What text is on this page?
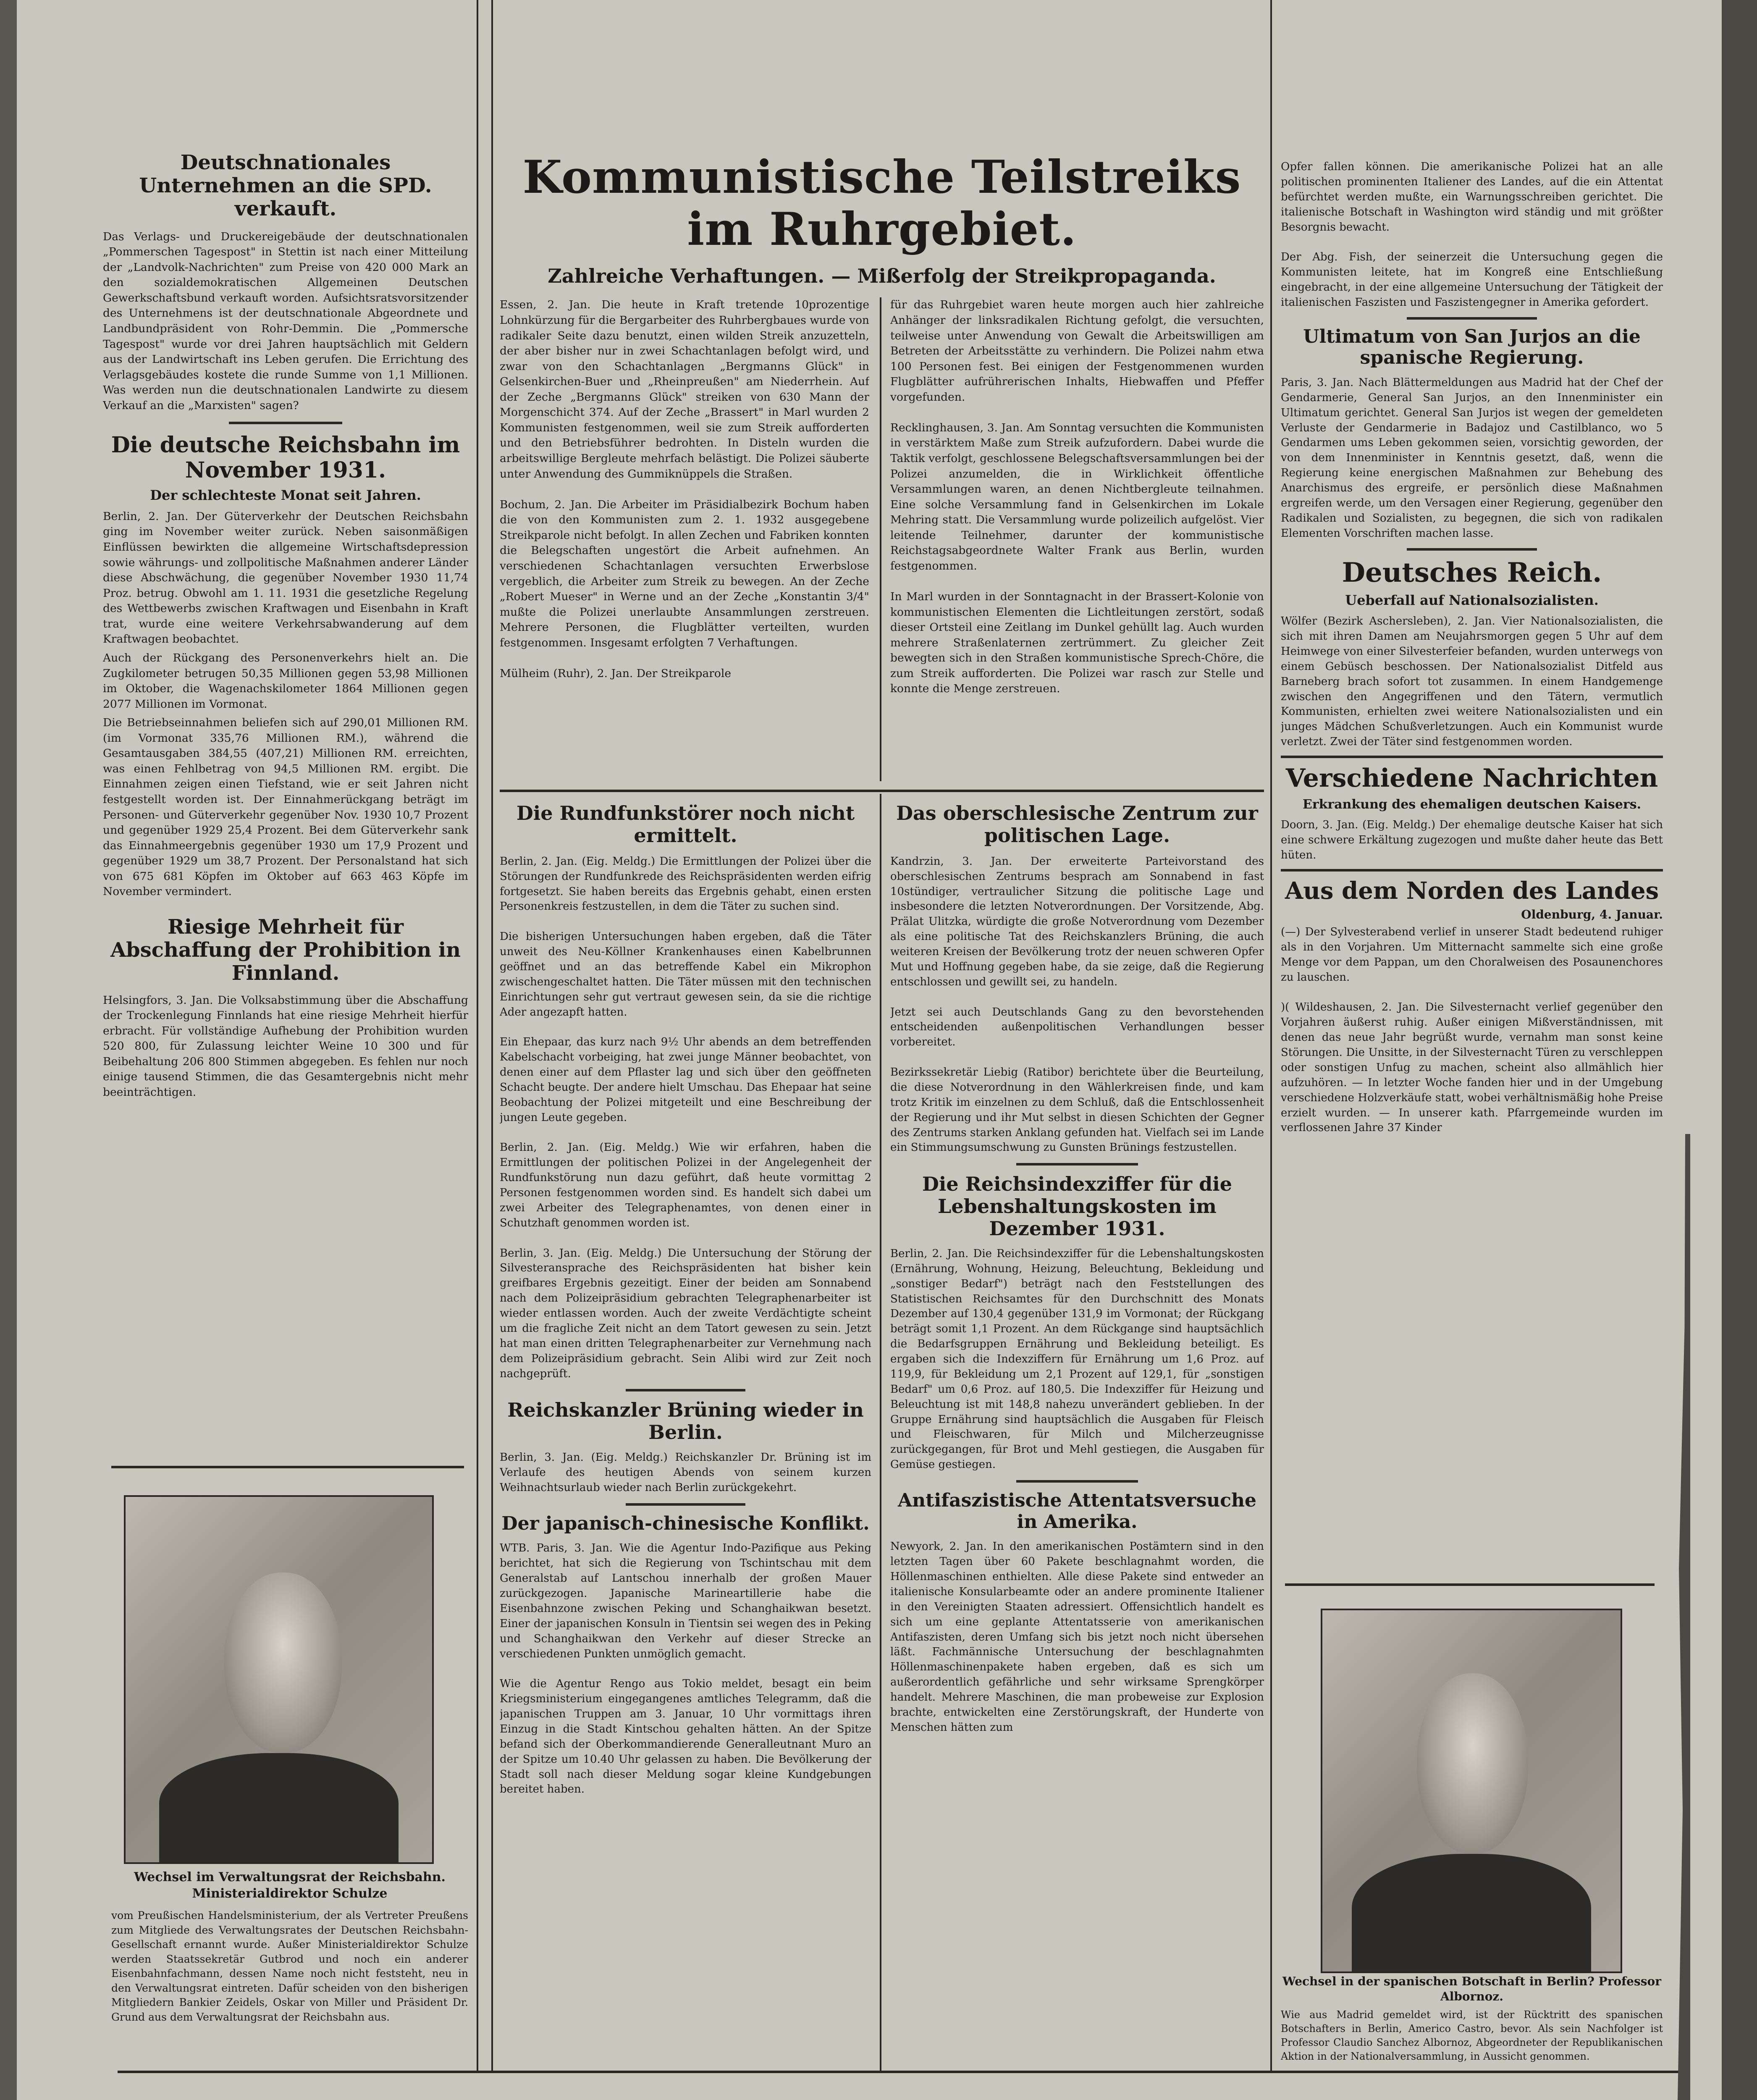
Deutschnationales Unternehmen an die SPD. verkauft.

Das Verlags- und Druckereigebäude der deutschnationalen „Pommerschen Tagespost" in Stettin ist nach einer Mitteilung der „Landvolk-Nachrichten" zum Preise von 420 000 Mark an den sozialdemokratischen Allgemeinen Deutschen Gewerkschaftsbund verkauft worden. Aufsichtsratsvorsitzender des Unternehmens ist der deutschnationale Abgeordnete und Landbundpräsident von Rohr-Demmin. Die „Pommersche Tagespost" wurde vor drei Jahren hauptsächlich mit Geldern aus der Landwirtschaft ins Leben gerufen. Die Errichtung des Verlagsgebäudes kostete die runde Summe von 1,1 Millionen. Was werden nun die deutschnationalen Landwirte zu diesem Verkauf an die „Marxisten" sagen?

Die deutsche Reichsbahn im November 1931.
Der schlechteste Monat seit Jahren.

Berlin, 2. Jan. Der Güterverkehr der Deutschen Reichsbahn ging im November weiter zurück. Neben saisonmäßigen Einflüssen bewirkten die allgemeine Wirtschaftsdepression sowie währungs- und zollpolitische Maßnahmen anderer Länder diese Abschwächung, die gegenüber November 1930 11,74 Proz. betrug. Obwohl am 1. 11. 1931 die gesetzliche Regelung des Wettbewerbs zwischen Kraftwagen und Eisenbahn in Kraft trat, wurde eine weitere Verkehrsabwanderung auf dem Kraftwagen beobachtet.

Auch der Rückgang des Personenverkehrs hielt an. Die Zugkilometer betrugen 50,35 Millionen gegen 53,98 Millionen im Oktober, die Wagenachskilometer 1864 Millionen gegen 2077 Millionen im Vormonat.

Die Betriebseinnahmen beliefen sich auf 290,01 Millionen RM. (im Vormonat 335,76 Millionen RM.), während die Gesamtausgaben 384,55 (407,21) Millionen RM. erreichten, was einen Fehlbetrag von 94,5 Millionen RM. ergibt. Die Einnahmen zeigen einen Tiefstand, wie er seit Jahren nicht festgestellt worden ist. Der Einnahmerückgang beträgt im Personen- und Güterverkehr gegenüber Nov. 1930 10,7 Prozent und gegenüber 1929 25,4 Prozent. Bei dem Güterverkehr sank das Einnahmeergebnis gegenüber 1930 um 17,9 Prozent und gegenüber 1929 um 38,7 Prozent. Der Personalstand hat sich von 675 681 Köpfen im Oktober auf 663 463 Köpfe im November vermindert.

Riesige Mehrheit für Abschaffung der Prohibition in Finnland.

Helsingfors, 3. Jan. Die Volksabstimmung über die Abschaffung der Trockenlegung Finnlands hat eine riesige Mehrheit hierfür erbracht. Für vollständige Aufhebung der Prohibition wurden 520 800, für Zulassung leichter Weine 10 300 und für Beibehaltung 206 800 Stimmen abgegeben. Es fehlen nur noch einige tausend Stimmen, die das Gesamtergebnis nicht mehr beeinträchtigen.

Wechsel im Verwaltungsrat der Reichsbahn. Ministerialdirektor Schulze

vom Preußischen Handelsministerium, der als Vertreter Preußens zum Mitgliede des Verwaltungsrates der Deutschen Reichsbahn-Gesellschaft ernannt wurde. Außer Ministerialdirektor Schulze werden Staatssekretär Gutbrod und noch ein anderer Eisenbahnfachmann, dessen Name noch nicht feststeht, neu in den Verwaltungsrat eintreten. Dafür scheiden von den bisherigen Mitgliedern Bankier Zeidels, Oskar von Miller und Präsident Dr. Grund aus dem Verwaltungsrat der Reichsbahn aus.

Kommunistische Teilstreiks im Ruhrgebiet.
Zahlreiche Verhaftungen. — Mißerfolg der Streikpropaganda.

Essen, 2. Jan. Die heute in Kraft tretende 10prozentige Lohnkürzung für die Bergarbeiter des Ruhrbergbaues wurde von radikaler Seite dazu benutzt, einen wilden Streik anzuzetteln, der aber bisher nur in zwei Schachtanlagen befolgt wird, und zwar von den Schachtanlagen „Bergmanns Glück" in Gelsenkirchen-Buer und „Rheinpreußen" am Niederrhein. Auf der Zeche „Bergmanns Glück" streiken von 630 Mann der Morgenschicht 374. Auf der Zeche „Brassert" in Marl wurden 2 Kommunisten festgenommen, weil sie zum Streik aufforderten und den Betriebsführer bedrohten. In Disteln wurden die arbeitswillige Bergleute mehrfach belästigt. Die Polizei säuberte unter Anwendung des Gummiknüppels die Straßen.

Bochum, 2. Jan. Die Arbeiter im Präsidialbezirk Bochum haben die von den Kommunisten zum 2. 1. 1932 ausgegebene Streikparole nicht befolgt. In allen Zechen und Fabriken konnten die Belegschaften ungestört die Arbeit aufnehmen. An verschiedenen Schachtanlagen versuchten Erwerbslose vergeblich, die Arbeiter zum Streik zu bewegen. An der Zeche „Robert Mueser" in Werne und an der Zeche „Konstantin 3/4" mußte die Polizei unerlaubte Ansammlungen zerstreuen. Mehrere Personen, die Flugblätter verteilten, wurden festgenommen. Insgesamt erfolgten 7 Verhaftungen.

Mülheim (Ruhr), 2. Jan. Der Streikparole

für das Ruhrgebiet waren heute morgen auch hier zahlreiche Anhänger der linksradikalen Richtung gefolgt, die versuchten, teilweise unter Anwendung von Gewalt die Arbeitswilligen am Betreten der Arbeitsstätte zu verhindern. Die Polizei nahm etwa 100 Personen fest. Bei einigen der Festgenommenen wurden Flugblätter aufrührerischen Inhalts, Hiebwaffen und Pfeffer vorgefunden.

Recklinghausen, 3. Jan. Am Sonntag versuchten die Kommunisten in verstärktem Maße zum Streik aufzufordern. Dabei wurde die Taktik verfolgt, geschlossene Belegschaftsversammlungen bei der Polizei anzumelden, die in Wirklichkeit öffentliche Versammlungen waren, an denen Nichtbergleute teilnahmen. Eine solche Versammlung fand in Gelsenkirchen im Lokale Mehring statt. Die Versammlung wurde polizeilich aufgelöst. Vier leitende Teilnehmer, darunter der kommunistische Reichstagsabgeordnete Walter Frank aus Berlin, wurden festgenommen.

In Marl wurden in der Sonntagnacht in der Brassert-Kolonie von kommunistischen Elementen die Lichtleitungen zerstört, sodaß dieser Ortsteil eine Zeitlang im Dunkel gehüllt lag. Auch wurden mehrere Straßenlaternen zertrümmert. Zu gleicher Zeit bewegten sich in den Straßen kommunistische Sprech-Chöre, die zum Streik aufforderten. Die Polizei war rasch zur Stelle und konnte die Menge zerstreuen.

Die Rundfunkstörer noch nicht ermittelt.

Berlin, 2. Jan. (Eig. Meldg.) Die Ermittlungen der Polizei über die Störungen der Rundfunkrede des Reichspräsidenten werden eifrig fortgesetzt. Sie haben bereits das Ergebnis gehabt, einen ersten Personenkreis festzustellen, in dem die Täter zu suchen sind.

Die bisherigen Untersuchungen haben ergeben, daß die Täter unweit des Neu-Köllner Krankenhauses einen Kabelbrunnen geöffnet und an das betreffende Kabel ein Mikrophon zwischengeschaltet hatten. Die Täter müssen mit den technischen Einrichtungen sehr gut vertraut gewesen sein, da sie die richtige Ader angezapft hatten.

Ein Ehepaar, das kurz nach 9½ Uhr abends an dem betreffenden Kabelschacht vorbeiging, hat zwei junge Männer beobachtet, von denen einer auf dem Pflaster lag und sich über den geöffneten Schacht beugte. Der andere hielt Umschau. Das Ehepaar hat seine Beobachtung der Polizei mitgeteilt und eine Beschreibung der jungen Leute gegeben.

Berlin, 2. Jan. (Eig. Meldg.) Wie wir erfahren, haben die Ermittlungen der politischen Polizei in der Angelegenheit der Rundfunkstörung nun dazu geführt, daß heute vormittag 2 Personen festgenommen worden sind. Es handelt sich dabei um zwei Arbeiter des Telegraphenamtes, von denen einer in Schutzhaft genommen worden ist.

Berlin, 3. Jan. (Eig. Meldg.) Die Untersuchung der Störung der Silvesteransprache des Reichspräsidenten hat bisher kein greifbares Ergebnis gezeitigt. Einer der beiden am Sonnabend nach dem Polizeipräsidium gebrachten Telegraphenarbeiter ist wieder entlassen worden. Auch der zweite Verdächtigte scheint um die fragliche Zeit nicht an dem Tatort gewesen zu sein. Jetzt hat man einen dritten Telegraphenarbeiter zur Vernehmung nach dem Polizeipräsidium gebracht. Sein Alibi wird zur Zeit noch nachgeprüft.

Reichskanzler Brüning wieder in Berlin.

Berlin, 3. Jan. (Eig. Meldg.) Reichskanzler Dr. Brüning ist im Verlaufe des heutigen Abends von seinem kurzen Weihnachtsurlaub wieder nach Berlin zurückgekehrt.

Der japanisch-chinesische Konflikt.

WTB. Paris, 3. Jan. Wie die Agentur Indo-Pazifique aus Peking berichtet, hat sich die Regierung von Tschintschau mit dem Generalstab auf Lantschou innerhalb der großen Mauer zurückgezogen. Japanische Marineartillerie habe die Eisenbahnzone zwischen Peking und Schanghaikwan besetzt. Einer der japanischen Konsuln in Tientsin sei wegen des in Peking und Schanghaikwan den Verkehr auf dieser Strecke an verschiedenen Punkten unmöglich gemacht.

Wie die Agentur Rengo aus Tokio meldet, besagt ein beim Kriegsministerium eingegangenes amtliches Telegramm, daß die japanischen Truppen am 3. Januar, 10 Uhr vormittags ihren Einzug in die Stadt Kintschou gehalten hätten. An der Spitze befand sich der Oberkommandierende Generalleutnant Muro an der Spitze um 10.40 Uhr gelassen zu haben. Die Bevölkerung der Stadt soll nach dieser Meldung sogar kleine Kundgebungen bereitet haben.

Das oberschlesische Zentrum zur politischen Lage.

Kandrzin, 3. Jan. Der erweiterte Parteivorstand des oberschlesischen Zentrums besprach am Sonnabend in fast 10stündiger, vertraulicher Sitzung die politische Lage und insbesondere die letzten Notverordnungen. Der Vorsitzende, Abg. Prälat Ulitzka, würdigte die große Notverordnung vom Dezember als eine politische Tat des Reichskanzlers Brüning, die auch weiteren Kreisen der Bevölkerung trotz der neuen schweren Opfer Mut und Hoffnung gegeben habe, da sie zeige, daß die Regierung entschlossen und gewillt sei, zu handeln.

Jetzt sei auch Deutschlands Gang zu den bevorstehenden entscheidenden außenpolitischen Verhandlungen besser vorbereitet.

Bezirkssekretär Liebig (Ratibor) berichtete über die Beurteilung, die diese Notverordnung in den Wählerkreisen finde, und kam trotz Kritik im einzelnen zu dem Schluß, daß die Entschlossenheit der Regierung und ihr Mut selbst in diesen Schichten der Gegner des Zentrums starken Anklang gefunden hat. Vielfach sei im Lande ein Stimmungsumschwung zu Gunsten Brünings festzustellen.

Die Reichsindexziffer für die Lebenshaltungskosten im Dezember 1931.

Berlin, 2. Jan. Die Reichsindexziffer für die Lebenshaltungskosten (Ernährung, Wohnung, Heizung, Beleuchtung, Bekleidung und „sonstiger Bedarf") beträgt nach den Feststellungen des Statistischen Reichsamtes für den Durchschnitt des Monats Dezember auf 130,4 gegenüber 131,9 im Vormonat; der Rückgang beträgt somit 1,1 Prozent. An dem Rückgange sind hauptsächlich die Bedarfsgruppen Ernährung und Bekleidung beteiligt. Es ergaben sich die Indexziffern für Ernährung um 1,6 Proz. auf 119,9, für Bekleidung um 2,1 Prozent auf 129,1, für „sonstigen Bedarf" um 0,6 Proz. auf 180,5. Die Indexziffer für Heizung und Beleuchtung ist mit 148,8 nahezu unverändert geblieben. In der Gruppe Ernährung sind hauptsächlich die Ausgaben für Fleisch und Fleischwaren, für Milch und Milcherzeugnisse zurückgegangen, für Brot und Mehl gestiegen, die Ausgaben für Gemüse gestiegen.

Antifaszistische Attentatsversuche in Amerika.

Newyork, 2. Jan. In den amerikanischen Postämtern sind in den letzten Tagen über 60 Pakete beschlagnahmt worden, die Höllenmaschinen enthielten. Alle diese Pakete sind entweder an italienische Konsularbeamte oder an andere prominente Italiener in den Vereinigten Staaten adressiert. Offensichtlich handelt es sich um eine geplante Attentatsserie von amerikanischen Antifaszisten, deren Umfang sich bis jetzt noch nicht übersehen läßt. Fachmännische Untersuchung der beschlagnahmten Höllenmaschinenpakete haben ergeben, daß es sich um außerordentlich gefährliche und sehr wirksame Sprengkörper handelt. Mehrere Maschinen, die man probeweise zur Explosion brachte, entwickelten eine Zerstörungskraft, der Hunderte von Menschen hätten zum

Opfer fallen können. Die amerikanische Polizei hat an alle politischen prominenten Italiener des Landes, auf die ein Attentat befürchtet werden mußte, ein Warnungsschreiben gerichtet. Die italienische Botschaft in Washington wird ständig und mit größter Besorgnis bewacht.

Der Abg. Fish, der seinerzeit die Untersuchung gegen die Kommunisten leitete, hat im Kongreß eine Entschließung eingebracht, in der eine allgemeine Untersuchung der Tätigkeit der italienischen Faszisten und Faszistengegner in Amerika gefordert.

Ultimatum von San Jurjos an die spanische Regierung.

Paris, 3. Jan. Nach Blättermeldungen aus Madrid hat der Chef der Gendarmerie, General San Jurjos, an den Innenminister ein Ultimatum gerichtet. General San Jurjos ist wegen der gemeldeten Verluste der Gendarmerie in Badajoz und Castilblanco, wo 5 Gendarmen ums Leben gekommen seien, vorsichtig geworden, der von dem Innenminister in Kenntnis gesetzt, daß, wenn die Regierung keine energischen Maßnahmen zur Behebung des Anarchismus des ergreife, er persönlich diese Maßnahmen ergreifen werde, um den Versagen einer Regierung, gegenüber den Radikalen und Sozialisten, zu begegnen, die sich von radikalen Elementen Vorschriften machen lasse.

Deutsches Reich.
Ueberfall auf Nationalsozialisten.

Wölfer (Bezirk Aschersleben), 2. Jan. Vier Nationalsozialisten, die sich mit ihren Damen am Neujahrsmorgen gegen 5 Uhr auf dem Heimwege von einer Silvesterfeier befanden, wurden unterwegs von einem Gebüsch beschossen. Der Nationalsozialist Ditfeld aus Barneberg brach sofort tot zusammen. In einem Handgemenge zwischen den Angegriffenen und den Tätern, vermutlich Kommunisten, erhielten zwei weitere Nationalsozialisten und ein junges Mädchen Schußverletzungen. Auch ein Kommunist wurde verletzt. Zwei der Täter sind festgenommen worden.

Verschiedene Nachrichten
Erkrankung des ehemaligen deutschen Kaisers.

Doorn, 3. Jan. (Eig. Meldg.) Der ehemalige deutsche Kaiser hat sich eine schwere Erkältung zugezogen und mußte daher heute das Bett hüten.

Aus dem Norden des Landes
Oldenburg, 4. Januar.

(—) Der Sylvesterabend verlief in unserer Stadt bedeutend ruhiger als in den Vorjahren. Um Mitternacht sammelte sich eine große Menge vor dem Pappan, um den Choralweisen des Posaunenchores zu lauschen.

)( Wildeshausen, 2. Jan. Die Silvesternacht verlief gegenüber den Vorjahren äußerst ruhig. Außer einigen Mißverständnissen, mit denen das neue Jahr begrüßt wurde, vernahm man sonst keine Störungen. Die Unsitte, in der Silvesternacht Türen zu verschleppen oder sonstigen Unfug zu machen, scheint also allmählich hier aufzuhören. — In letzter Woche fanden hier und in der Umgebung verschiedene Holzverkäufe statt, wobei verhältnismäßig hohe Preise erzielt wurden. — In unserer kath. Pfarrgemeinde wurden im verflossenen Jahre 37 Kinder

Wechsel in der spanischen Botschaft in Berlin? Professor Albornoz.

Wie aus Madrid gemeldet wird, ist der Rücktritt des spanischen Botschafters in Berlin, Americo Castro, bevor. Als sein Nachfolger ist Professor Claudio Sanchez Albornoz, Abgeordneter der Republikanischen Aktion in der Nationalversammlung, in Aussicht genommen.
